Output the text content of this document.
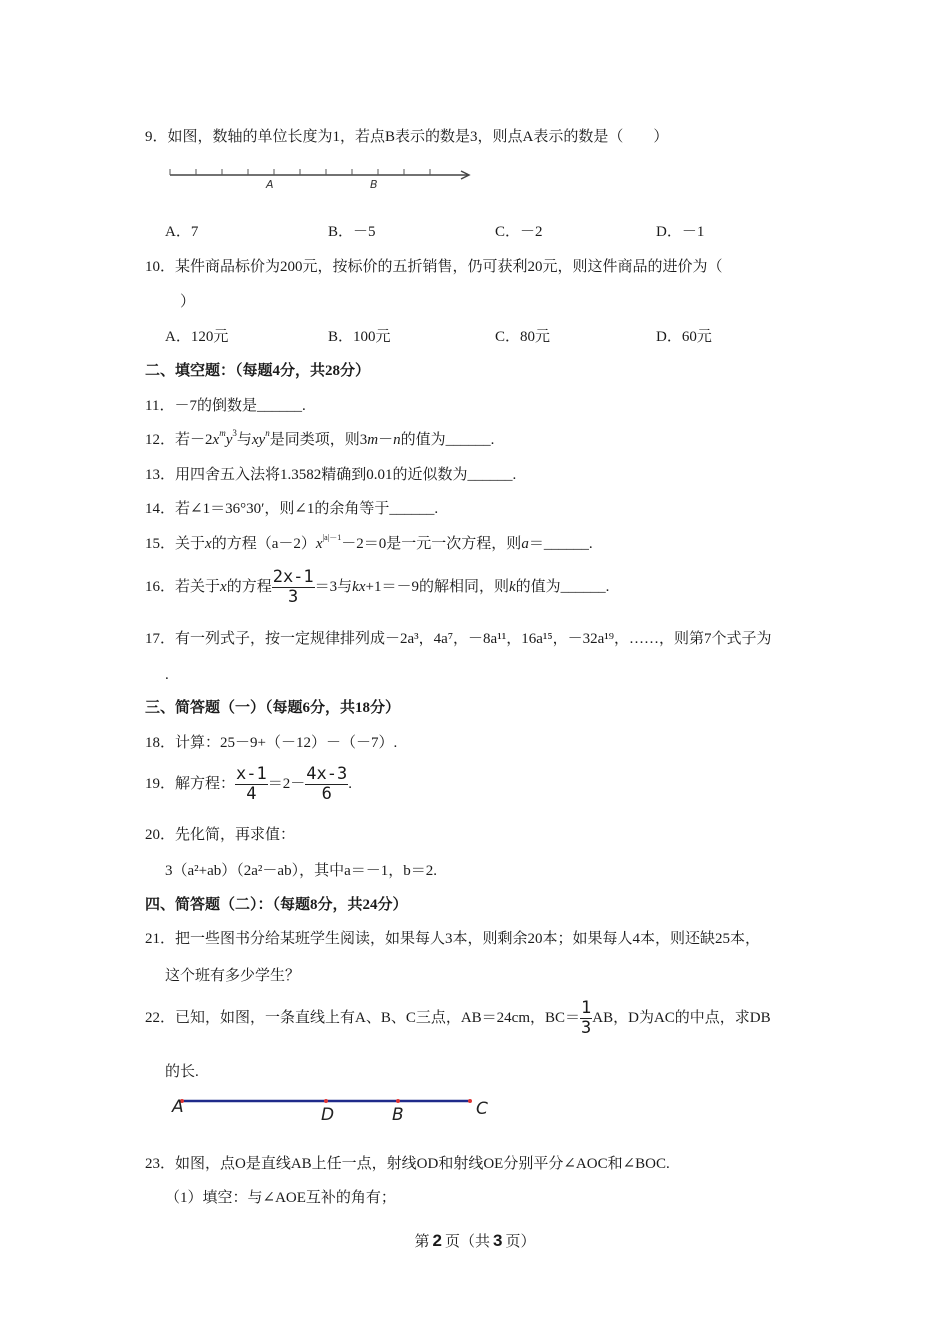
9．如图，数轴的单位长度为1，若点B表示的数是3，则点A表示的数是（　　）
A	B
A．7	B．－5	C．－2	D．－1
10．某件商品标价为200元，按标价的五折销售，仍可获利20元，则这件商品的进价为（
）
A．120元	B．100元	C．80元	D．60元
二、填空题：（每题4分，共28分）
11．－7的倒数是______.
12．若$-2x^my^3$与$xy^n$是同类项，则3m－n的值为______.
13．用四舍五入法将1.3582精确到0.01的近似数为______.
14．若∠1＝36°30′，则∠1的余角等于______.
15．关于x的方程$(a-2)x^{|a|-1}-2=0$是一元一次方程，则a＝______.
16．若关于x的方程 $\frac{2x-1}{3} =3$与kx+1＝－9的解相同，则k的值为______.
17．有一列式子，按一定规律排列成－2a³，4a⁷，－8a¹¹，16a¹⁵，－32a¹⁹，……，则第7个式子为
.
三、简答题（一）（每题6分，共18分）
18．计算：25－9+（－12）－（－7）.
19．解方程： $\frac{x-1}{4} =2- \frac{4x-3}{6}$ .
20．先化简，再求值：
3（a²+ab）（2a²－ab），其中a＝－1，b＝2.
四、简答题（二）：（每题8分，共24分）
21．把一些图书分给某班学生阅读，如果每人3本，则剩余20本；如果每人4本，则还缺25本，
这个班有多少学生？
22．已知，如图，一条直线上有A、B、C三点，AB＝24cm，$BC= \frac{1}{3}$ AB，D为AC的中点，求DB
的长.
A	D	B	C
23．如图，点O是直线AB上任一点，射线OD和射线OE分别平分∠AOC和∠BOC.
（1）填空：与∠AOE互补的角有；
第 2 页（共 3 页）
